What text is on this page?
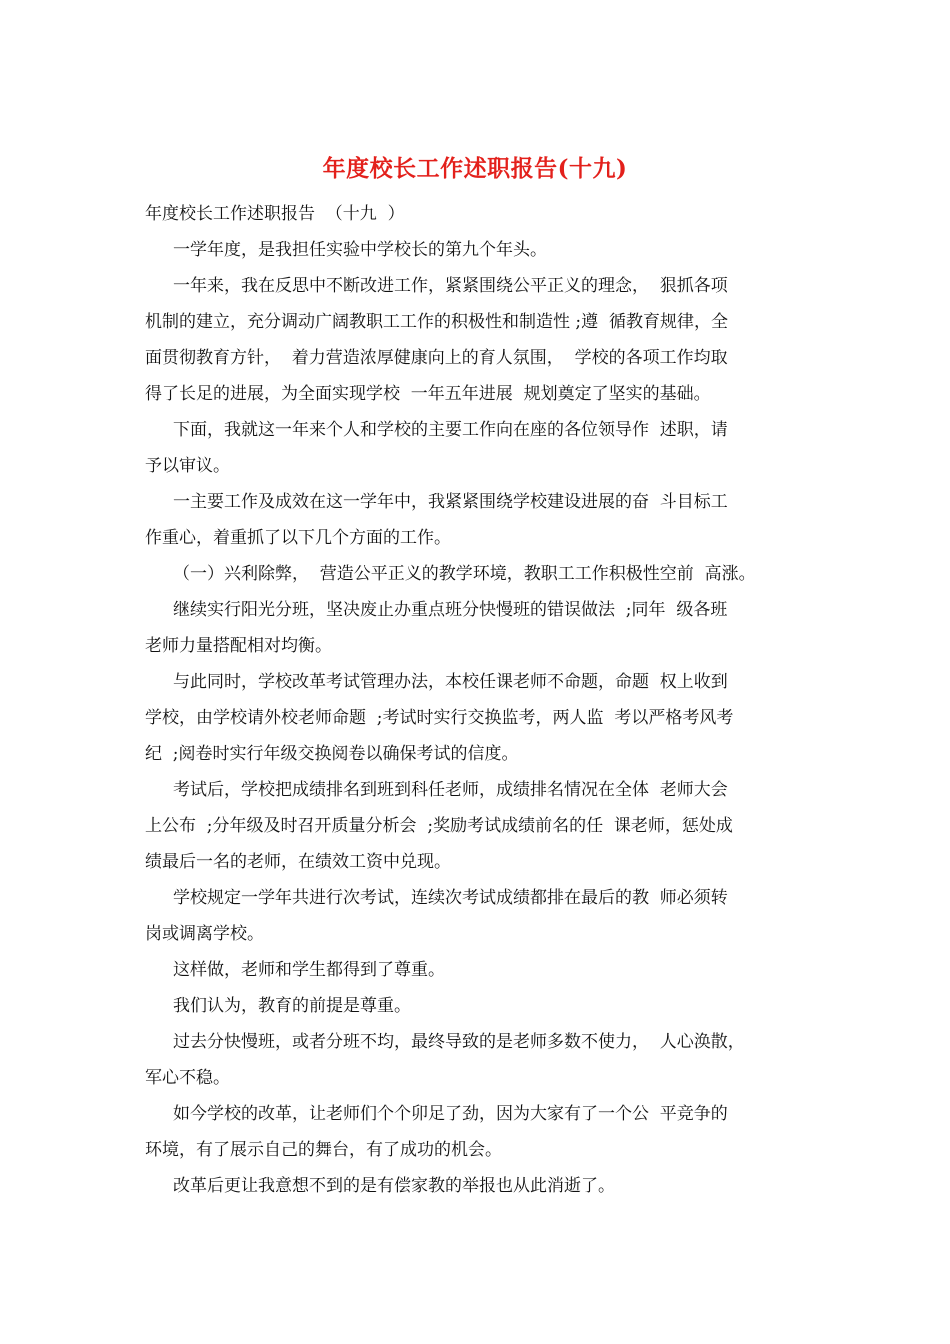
年度校长工作述职报告(十九)

年度校长工作述职报告  （十九  ）

一学年度，是我担任实验中学校长的第九个年头。

一年来，我在反思中不断改进工作，紧紧围绕公平正义的理念，  狠抓各项
机制的建立，充分调动广阔教职工工作的积极性和制造性 ;遵  循教育规律，全
面贯彻教育方针，  着力营造浓厚健康向上的育人氛围，  学校的各项工作均取
得了长足的进展，为全面实现学校  一年五年进展  规划奠定了坚实的基础。

下面，我就这一年来个人和学校的主要工作向在座的各位领导作  述职，请
予以审议。

一主要工作及成效在这一学年中，我紧紧围绕学校建设进展的奋  斗目标工
作重心，着重抓了以下几个方面的工作。

（一）兴利除弊，  营造公平正义的教学环境，教职工工作积极性空前  高涨。

继续实行阳光分班，坚决废止办重点班分快慢班的错误做法  ;同年  级各班
老师力量搭配相对均衡。

与此同时，学校改革考试管理办法，本校任课老师不命题，命题  权上收到
学校，由学校请外校老师命题  ;考试时实行交换监考，两人监  考以严格考风考
纪  ;阅卷时实行年级交换阅卷以确保考试的信度。

考试后，学校把成绩排名到班到科任老师，成绩排名情况在全体  老师大会
上公布  ;分年级及时召开质量分析会  ;奖励考试成绩前名的任  课老师，惩处成
绩最后一名的老师，在绩效工资中兑现。

学校规定一学年共进行次考试，连续次考试成绩都排在最后的教  师必须转
岗或调离学校。

这样做，老师和学生都得到了尊重。

我们认为，教育的前提是尊重。

过去分快慢班，或者分班不均，最终导致的是老师多数不使力，  人心涣散，
军心不稳。

如今学校的改革，让老师们个个卯足了劲，因为大家有了一个公  平竞争的
环境，有了展示自己的舞台，有了成功的机会。

改革后更让我意想不到的是有偿家教的举报也从此消逝了。
